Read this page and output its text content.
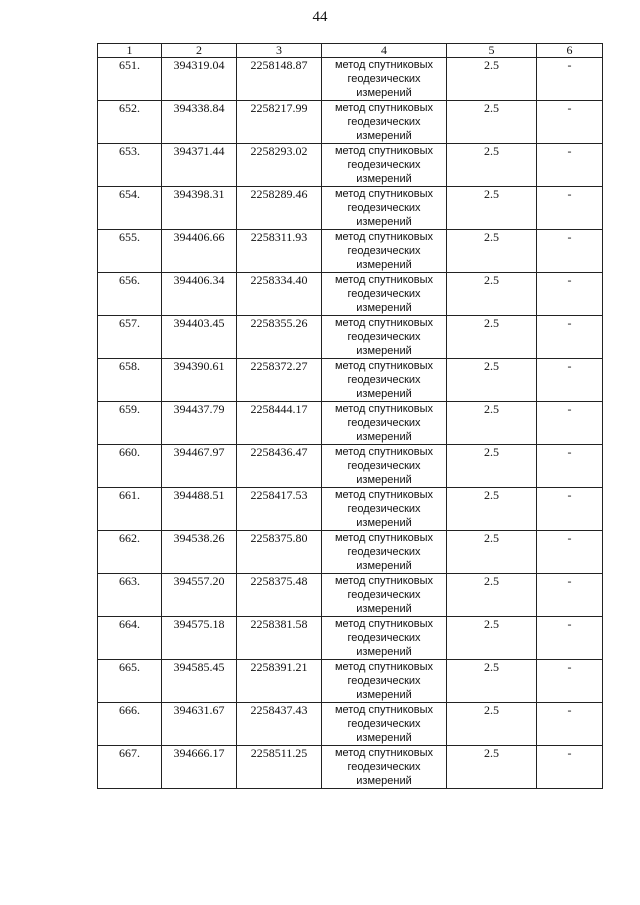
44
1	2	3	4	5	6
651.	394319.04	2258148.87	метод спутниковых геодезических измерений	2.5	-
652.	394338.84	2258217.99	метод спутниковых геодезических измерений	2.5	-
653.	394371.44	2258293.02	метод спутниковых геодезических измерений	2.5	-
654.	394398.31	2258289.46	метод спутниковых геодезических измерений	2.5	-
655.	394406.66	2258311.93	метод спутниковых геодезических измерений	2.5	-
656.	394406.34	2258334.40	метод спутниковых геодезических измерений	2.5	-
657.	394403.45	2258355.26	метод спутниковых геодезических измерений	2.5	-
658.	394390.61	2258372.27	метод спутниковых геодезических измерений	2.5	-
659.	394437.79	2258444.17	метод спутниковых геодезических измерений	2.5	-
660.	394467.97	2258436.47	метод спутниковых геодезических измерений	2.5	-
661.	394488.51	2258417.53	метод спутниковых геодезических измерений	2.5	-
662.	394538.26	2258375.80	метод спутниковых геодезических измерений	2.5	-
663.	394557.20	2258375.48	метод спутниковых геодезических измерений	2.5	-
664.	394575.18	2258381.58	метод спутниковых геодезических измерений	2.5	-
665.	394585.45	2258391.21	метод спутниковых геодезических измерений	2.5	-
666.	394631.67	2258437.43	метод спутниковых геодезических измерений	2.5	-
667.	394666.17	2258511.25	метод спутниковых геодезических измерений	2.5	-
